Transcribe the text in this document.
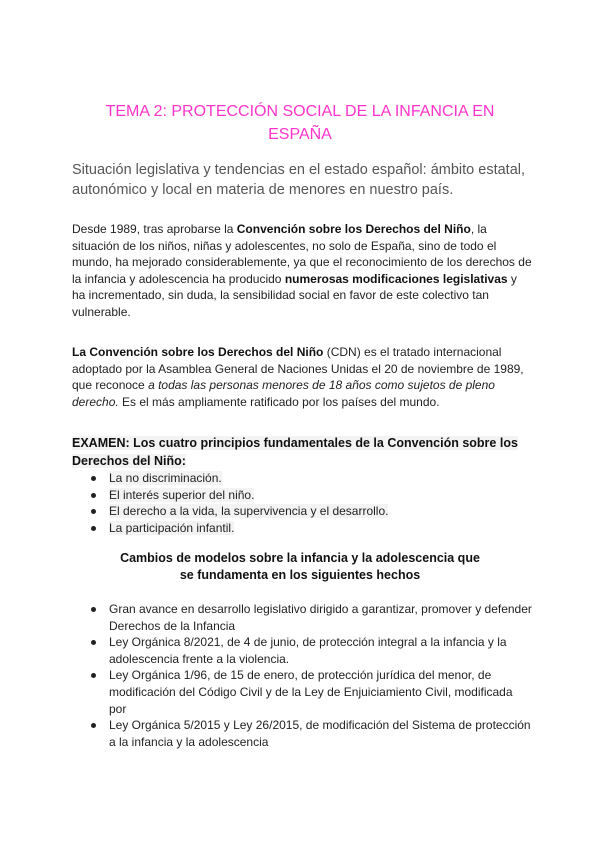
TEMA 2: PROTECCIÓN SOCIAL DE LA INFANCIA EN ESPAÑA
Situación legislativa y tendencias en el estado español: ámbito estatal, autonómico y local en materia de menores en nuestro país.

Desde 1989, tras aprobarse la Convención sobre los Derechos del Niño, la situación de los niños, niñas y adolescentes, no solo de España, sino de todo el mundo, ha mejorado considerablemente, ya que el reconocimiento de los derechos de la infancia y adolescencia ha producido numerosas modificaciones legislativas y ha incrementado, sin duda, la sensibilidad social en favor de este colectivo tan vulnerable.

La Convención sobre los Derechos del Niño (CDN) es el tratado internacional adoptado por la Asamblea General de Naciones Unidas el 20 de noviembre de 1989, que reconoce a todas las personas menores de 18 años como sujetos de pleno derecho. Es el más ampliamente ratificado por los países del mundo.

EXAMEN: Los cuatro principios fundamentales de la Convención sobre los Derechos del Niño:
La no discriminación.
El interés superior del niño.
El derecho a la vida, la supervivencia y el desarrollo.
La participación infantil.
Cambios de modelos sobre la infancia y la adolescencia que
se fundamenta en los siguientes hechos
Gran avance en desarrollo legislativo dirigido a garantizar, promover y defender Derechos de la Infancia
Ley Orgánica 8/2021, de 4 de junio, de protección integral a la infancia y la adolescencia frente a la violencia.
Ley Orgánica 1/96, de 15 de enero, de protección jurídica del menor, de modificación del Código Civil y de la Ley de Enjuiciamiento Civil, modificada por
Ley Orgánica 5/2015 y Ley 26/2015, de modificación del Sistema de protección a la infancia y la adolescencia
